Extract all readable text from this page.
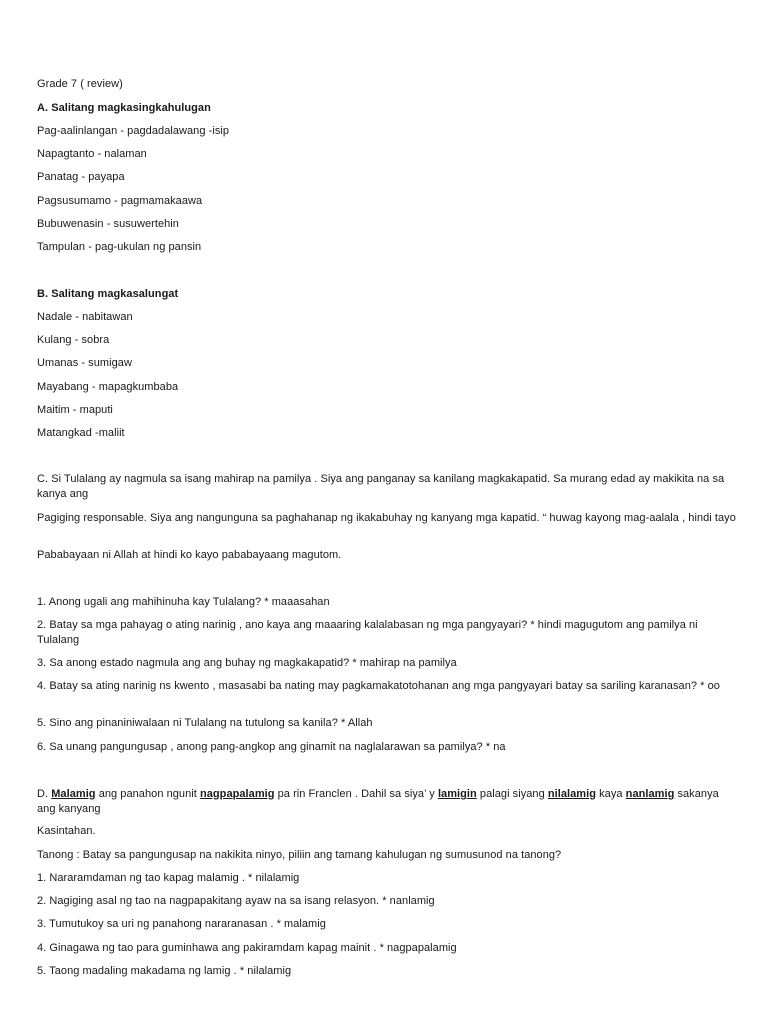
Grade 7 ( review)
A. Salitang magkasingkahulugan
Pag-aalinlangan - pagdadalawang -isip
Napagtanto - nalaman
Panatag - payapa
Pagsusumamo - pagmamakaawa
Bubuwenasin - susuwertehin
Tampulan - pag-ukulan ng pansin
B. Salitang magkasalungat
Nadale - nabitawan
Kulang - sobra
Umanas - sumigaw
Mayabang - mapagkumbaba
Maitim - maputi
Matangkad -maliit
C. Si Tulalang ay nagmula sa isang mahirap na pamilya . Siya ang panganay sa kanilang magkakapatid. Sa murang edad ay makikita na sa kanya ang
Pagiging responsable. Siya ang nangunguna sa paghahanap ng ikakabuhay ng kanyang mga kapatid. “ huwag kayong mag-aalala , hindi tayo
Pababayaan ni Allah at hindi ko kayo pababayaang magutom.
1. Anong ugali ang mahihinuha kay Tulalang? * maaasahan
2. Batay sa mga pahayag o ating narinig , ano kaya ang maaaring kalalabasan ng mga pangyayari? * hindi magugutom ang pamilya ni Tulalang
3. Sa anong estado nagmula ang ang buhay ng magkakapatid? * mahirap na pamilya
4. Batay sa ating narinig ns kwento , masasabi ba nating may pagkamakatotohanan ang mga pangyayari batay sa sariling karanasan? * oo
5. Sino ang pinaniniwalaan ni Tulalang na tutulong sa kanila? * Allah
6. Sa unang pangungusap , anong pang-angkop ang ginamit na naglalarawan sa pamilya? * na
D. Malamig ang panahon ngunit nagpapalamig pa rin Franclen . Dahil sa siya’ y lamigin palagi siyang nilalamig kaya nanlamig sakanya ang kanyang
Kasintahan.
Tanong : Batay sa pangungusap na nakikita ninyo, piliin ang tamang kahulugan ng sumusunod na tanong?
1. Nararamdaman ng tao kapag malamig . * nilalamig
2. Nagiging asal ng tao na nagpapakitang ayaw na sa isang relasyon. * nanlamig
3. Tumutukoy sa uri ng panahong nararanasan . * malamig
4. Ginagawa ng tao para guminhawa ang pakiramdam kapag mainit . * nagpapalamig
5. Taong madaling makadama ng lamig . * nilalamig
